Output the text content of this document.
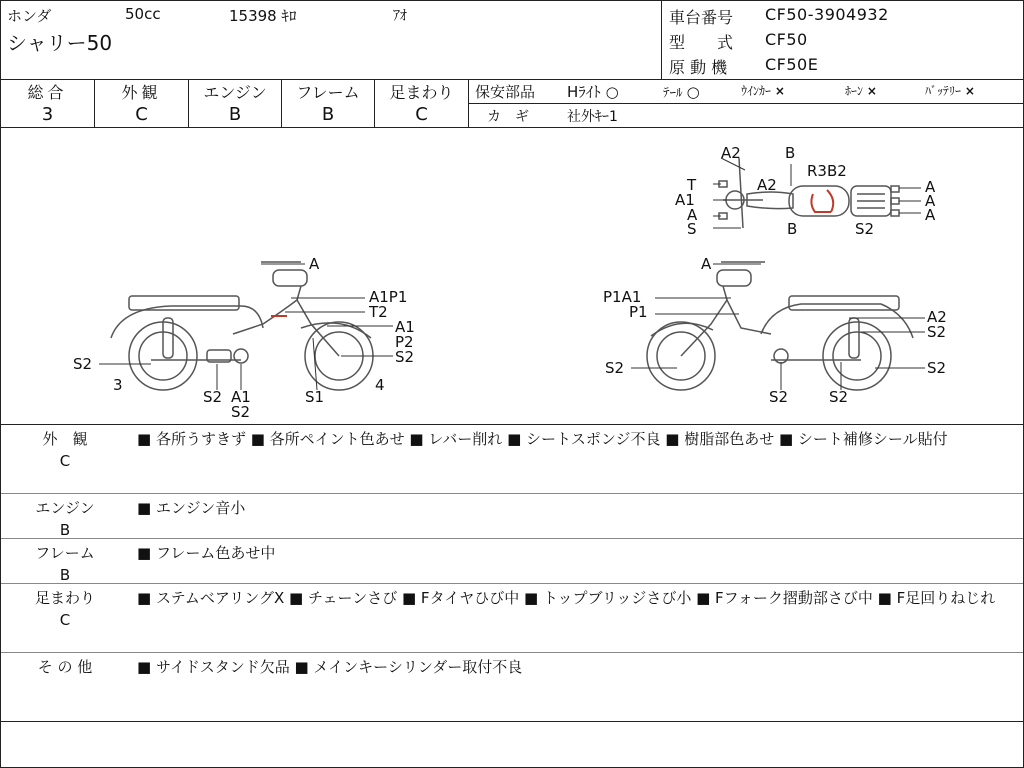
ホンダ	50cc	15398 ｷﾛ	ｱｵ
シャリー50
車台番号 CF50-3904932
型　　式 CF50
原 動 機 CF50E
総合
3
外観
C
エンジン
B
フレーム
B
足まわり
C
保安部品 Hﾗｲﾄ ○	ﾃｰﾙ ○	ｳｲﾝｶｰ ×	ﾎｰﾝ ×	ﾊﾞｯﾃﾘｰ ×
カ　ギ	社外ｷｰ1
A2	B
R3B2
T	A2
A1
A
S	B
A
A
A
S2
A
A1P1
T2
A1
P2
S2
S2
3
S2 A1
S2
S1
4
A
P1A1
P1	A2
S2
S2	S2
S2	S2
外　観
C
■ 各所うすきず ■ 各所ペイント色あせ ■ レバー削れ ■ シートスポンジ不良 ■ 樹脂部色あせ ■ シート補修シール貼付
エンジン
B
■ エンジン音小
フレーム
B
■ フレーム色あせ中
足まわり
C
■ ステムベアリングX ■ チェーンさび ■ Fタイヤひび中 ■ トップブリッジさび小 ■ Fフォーク摺動部さび中 ■ F足回りねじれ
そ の 他	■ サイドスタンド欠品 ■ メインキーシリンダー取付不良
